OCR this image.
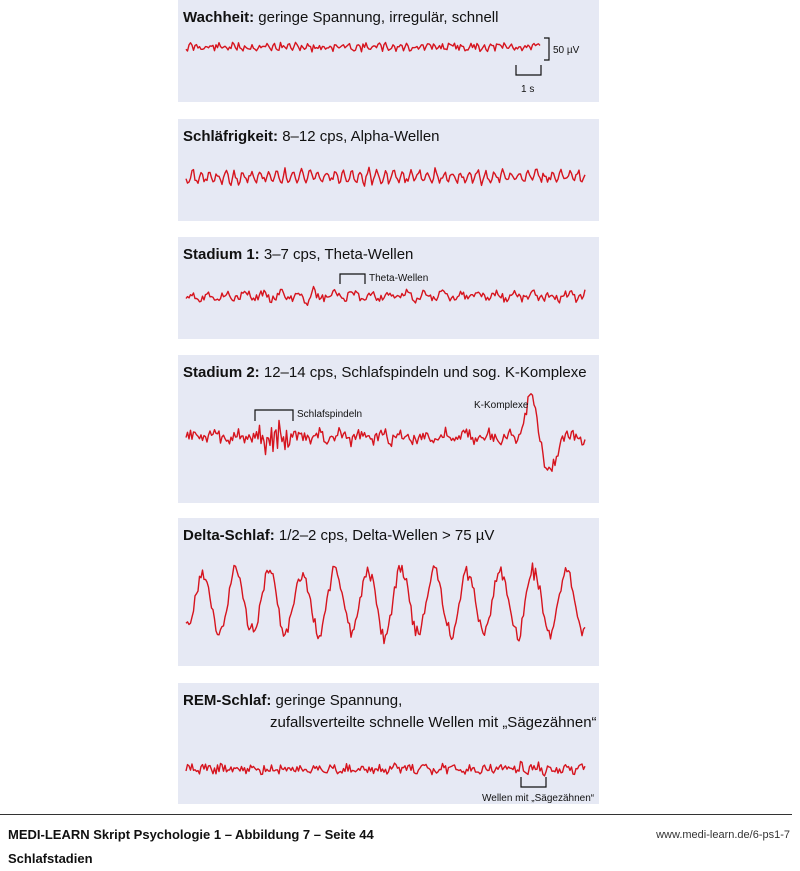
Wachheit: geringe Spannung, irregulär, schnell
50 µV
1 s
Schläfrigkeit: 8–12 cps, Alpha-Wellen
Stadium 1: 3–7 cps, Theta-Wellen
Theta-Wellen
Stadium 2: 12–14 cps, Schlafspindeln und sog. K-Komplexe
Schlafspindeln
K-Komplexe
Delta-Schlaf: 1/2–2 cps, Delta-Wellen > 75 µV
REM-Schlaf: geringe Spannung,
zufallsverteilte schnelle Wellen mit „Sägezähnen“
Wellen mit „Sägezähnen“
MEDI-LEARN Skript Psychologie 1 – Abbildung 7 – Seite 44
Schlafstadien
www.medi-learn.de/6-ps1-7
